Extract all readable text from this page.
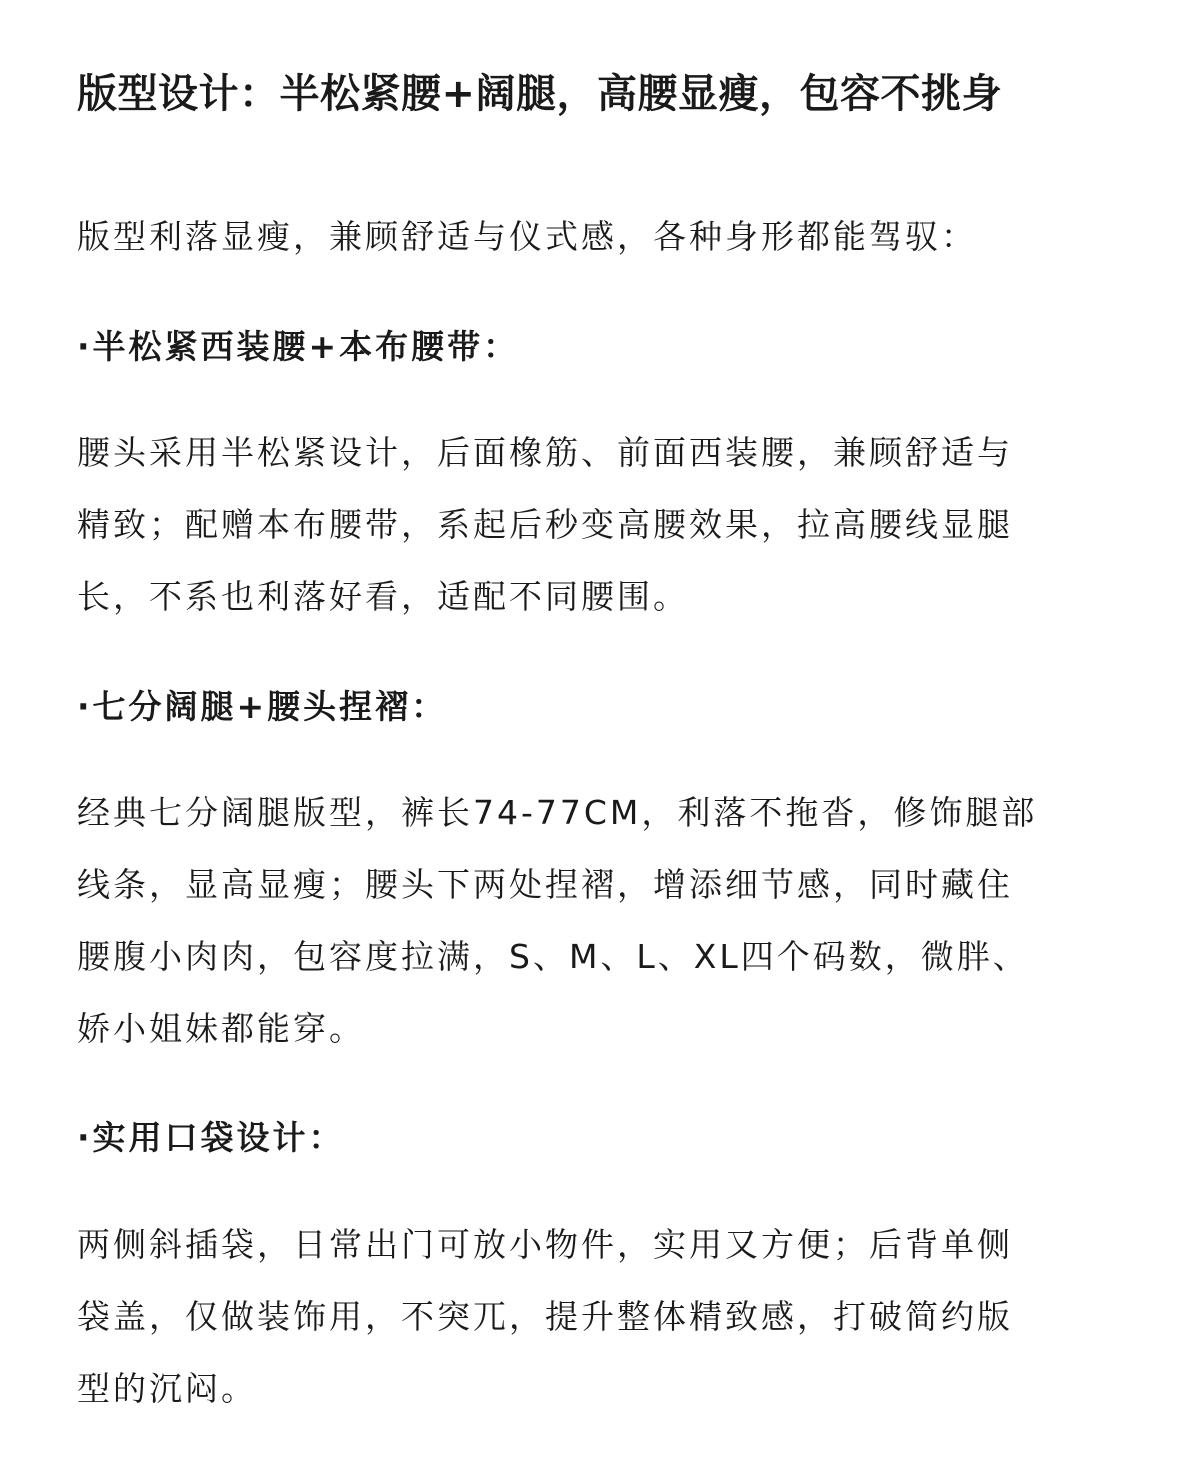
版型设计：半松紧腰+阔腿，高腰显瘦，包容不挑身

版型利落显瘦，兼顾舒适与仪式感，各种身形都能驾驭：

·半松紧西装腰+本布腰带：

腰头采用半松紧设计，后面橡筋、前面西装腰，兼顾舒适与
精致；配赠本布腰带，系起后秒变高腰效果，拉高腰线显腿
长，不系也利落好看，适配不同腰围。

·七分阔腿+腰头捏褶：

经典七分阔腿版型，裤长74-77CM，利落不拖沓，修饰腿部
线条，显高显瘦；腰头下两处捏褶，增添细节感，同时藏住
腰腹小肉肉，包容度拉满，S、M、L、XL四个码数，微胖、
娇小姐妹都能穿。

·实用口袋设计：

两侧斜插袋，日常出门可放小物件，实用又方便；后背单侧
袋盖，仅做装饰用，不突兀，提升整体精致感，打破简约版
型的沉闷。
